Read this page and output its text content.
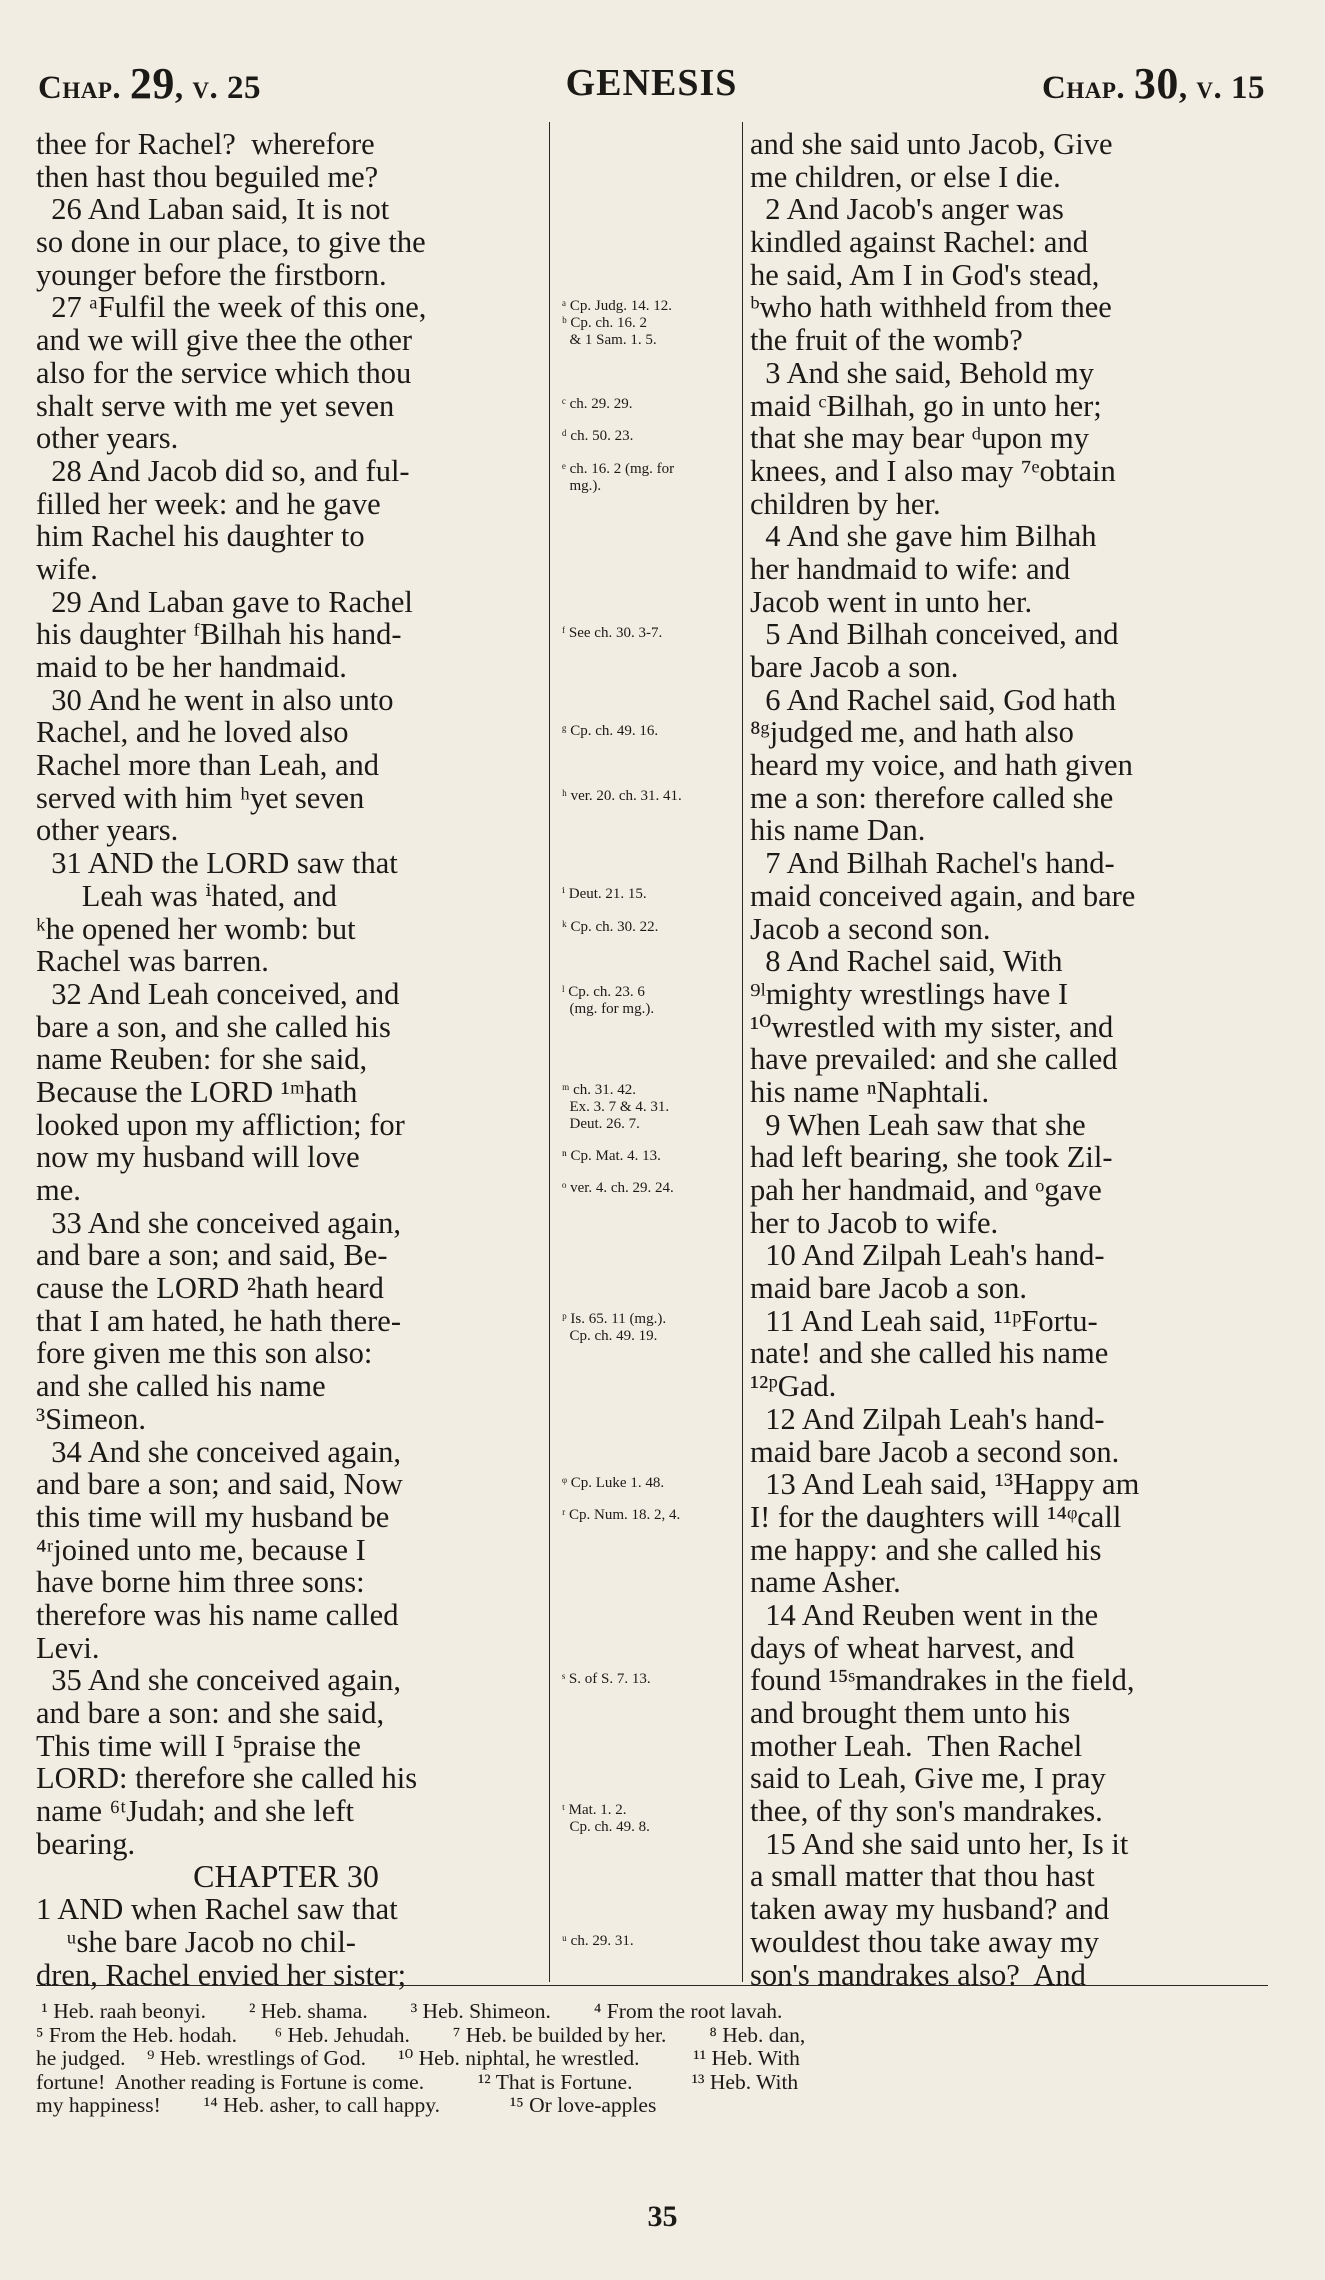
Chap. 29, v. 25	GENESIS	Chap. 30, v. 15
thee for Rachel?  wherefore
then hast thou beguiled me?
26 And Laban said, It is not
so done in our place, to give the
younger before the firstborn.
27 ᵃFulfil the week of this one,
and we will give thee the other
also for the service which thou
shalt serve with me yet seven
other years.
28 And Jacob did so, and ful-
filled her week: and he gave
him Rachel his daughter to
wife.
29 And Laban gave to Rachel
his daughter ᶠBilhah his hand-
maid to be her handmaid.
30 And he went in also unto
Rachel, and he loved also
Rachel more than Leah, and
served with him ʰyet seven
other years.
31 AND the LORD saw that
Leah was ⁱhated, and
ᵏhe opened her womb: but
Rachel was barren.
32 And Leah conceived, and
bare a son, and she called his
name Reuben: for she said,
Because the LORD ¹ᵐhath
looked upon my affliction; for
now my husband will love
me.
33 And she conceived again,
and bare a son; and said, Be-
cause the LORD ²hath heard
that I am hated, he hath there-
fore given me this son also:
and she called his name
³Simeon.
34 And she conceived again,
and bare a son; and said, Now
this time will my husband be
⁴ʳjoined unto me, because I
have borne him three sons:
therefore was his name called
Levi.
35 And she conceived again,
and bare a son: and she said,
This time will I ⁵praise the
LORD: therefore she called his
name ⁶ᵗJudah; and she left
bearing.
CHAPTER 30
1 AND when Rachel saw that
ᵘshe bare Jacob no chil-
dren, Rachel envied her sister;
ᵃ Cp. Judg. 14. 12.
ᵇ Cp. ch. 16. 2
& 1 Sam. 1. 5.
ᶜ ch. 29. 29.
ᵈ ch. 50. 23.
ᵉ ch. 16. 2 (mg. for
mg.).
ᶠ See ch. 30. 3-7.
ᵍ Cp. ch. 49. 16.
ʰ ver. 20. ch. 31. 41.
ⁱ Deut. 21. 15.
ᵏ Cp. ch. 30. 22.
ˡ Cp. ch. 23. 6
(mg. for mg.).
ᵐ ch. 31. 42.
Ex. 3. 7 & 4. 31.
Deut. 26. 7.
ⁿ Cp. Mat. 4. 13.
ᵒ ver. 4. ch. 29. 24.
ᵖ Is. 65. 11 (mg.).
Cp. ch. 49. 19.
ᵠ Cp. Luke 1. 48.
ʳ Cp. Num. 18. 2, 4.
ˢ S. of S. 7. 13.
ᵗ Mat. 1. 2.
Cp. ch. 49. 8.
ᵘ ch. 29. 31.
and she said unto Jacob, Give
me children, or else I die.
2 And Jacob's anger was
kindled against Rachel: and
he said, Am I in God's stead,
ᵇwho hath withheld from thee
the fruit of the womb?
3 And she said, Behold my
maid ᶜBilhah, go in unto her;
that she may bear ᵈupon my
knees, and I also may ⁷ᵉobtain
children by her.
4 And she gave him Bilhah
her handmaid to wife: and
Jacob went in unto her.
5 And Bilhah conceived, and
bare Jacob a son.
6 And Rachel said, God hath
⁸ᵍjudged me, and hath also
heard my voice, and hath given
me a son: therefore called she
his name Dan.
7 And Bilhah Rachel's hand-
maid conceived again, and bare
Jacob a second son.
8 And Rachel said, With
⁹ˡmighty wrestlings have I
¹⁰wrestled with my sister, and
have prevailed: and she called
his name ⁿNaphtali.
9 When Leah saw that she
had left bearing, she took Zil-
pah her handmaid, and ᵒgave
her to Jacob to wife.
10 And Zilpah Leah's hand-
maid bare Jacob a son.
11 And Leah said, ¹¹ᵖFortu-
nate! and she called his name
¹²ᵖGad.
12 And Zilpah Leah's hand-
maid bare Jacob a second son.
13 And Leah said, ¹³Happy am
I! for the daughters will ¹⁴ᵠcall
me happy: and she called his
name Asher.
14 And Reuben went in the
days of wheat harvest, and
found ¹⁵ˢmandrakes in the field,
and brought them unto his
mother Leah.  Then Rachel
said to Leah, Give me, I pray
thee, of thy son's mandrakes.
15 And she said unto her, Is it
a small matter that thou hast
taken away my husband? and
wouldest thou take away my
son's mandrakes also?  And
¹ Heb. raah beonyi.        ² Heb. shama.        ³ Heb. Shimeon.        ⁴ From the root lavah.
⁵ From the Heb. hodah.       ⁶ Heb. Jehudah.        ⁷ Heb. be builded by her.        ⁸ Heb. dan,
he judged.    ⁹ Heb. wrestlings of God.      ¹⁰ Heb. niphtal, he wrestled.          ¹¹ Heb. With
fortune!  Another reading is Fortune is come.          ¹² That is Fortune.           ¹³ Heb. With
my happiness!        ¹⁴ Heb. asher, to call happy.             ¹⁵ Or love-apples
35
